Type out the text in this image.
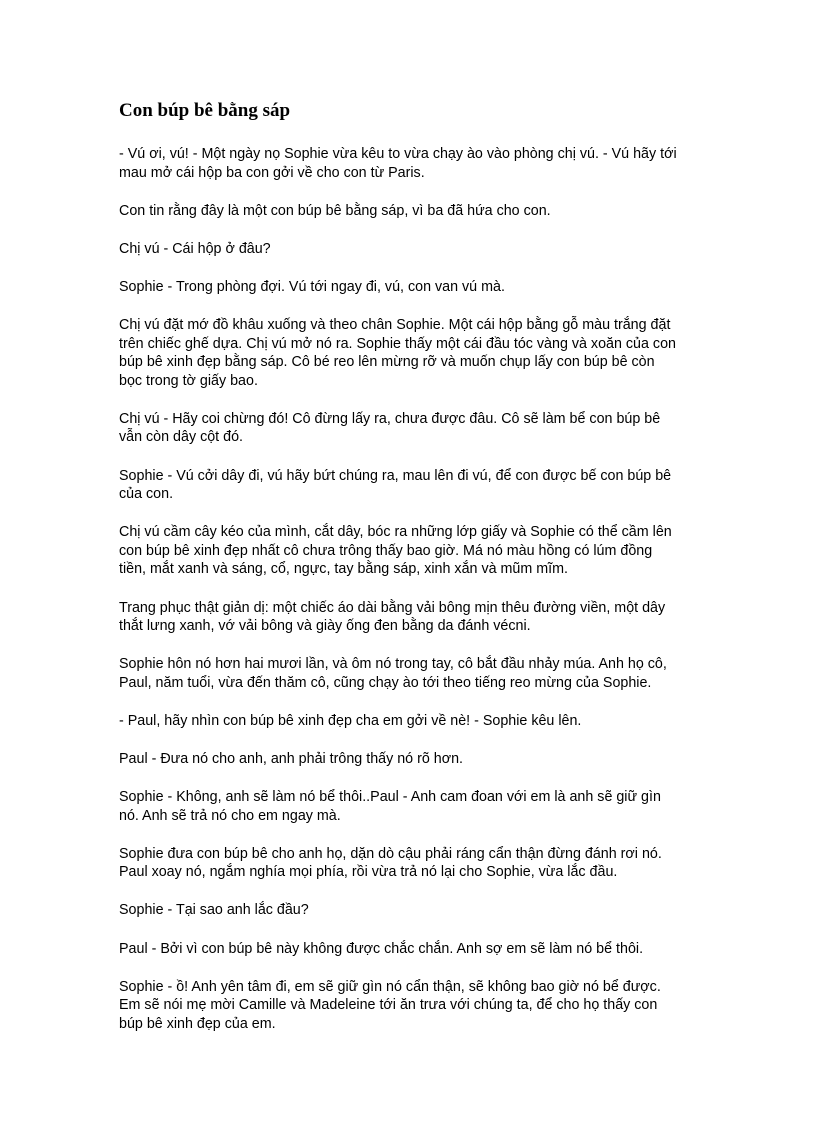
Con búp bê bằng sáp

- Vú ơi, vú! - Một ngày nọ Sophie vừa kêu to vừa chạy ào vào phòng chị vú. - Vú hãy tới
mau mở cái hộp ba con gởi về cho con từ Paris.

Con tin rằng đây là một con búp bê bằng sáp, vì ba đã hứa cho con.

Chị vú - Cái hộp ở đâu?

Sophie - Trong phòng đợi. Vú tới ngay đi, vú, con van vú mà.

Chị vú đặt mớ đồ khâu xuống và theo chân Sophie. Một cái hộp bằng gỗ màu trắng đặt
trên chiếc ghế dựa. Chị vú mở nó ra. Sophie thấy một cái đầu tóc vàng và xoăn của con
búp bê xinh đẹp bằng sáp. Cô bé reo lên mừng rỡ và muốn chụp lấy con búp bê còn
bọc trong tờ giấy bao.

Chị vú - Hãy coi chừng đó! Cô đừng lấy ra, chưa được đâu. Cô sẽ làm bể con búp bê
vẫn còn dây cột đó.

Sophie - Vú cởi dây đi, vú hãy bứt chúng ra, mau lên đi vú, để con được bế con búp bê
của con.

Chị vú cầm cây kéo của mình, cắt dây, bóc ra những lớp giấy và Sophie có thể cầm lên
con búp bê xinh đẹp nhất cô chưa trông thấy bao giờ. Má nó màu hồng có lúm đồng
tiền, mắt xanh và sáng, cổ, ngực, tay bằng sáp, xinh xắn và mũm mĩm.

Trang phục thật giản dị: một chiếc áo dài bằng vải bông mịn thêu đường viền, một dây
thắt lưng xanh, vớ vải bông và giày ống đen bằng da đánh vécni.

Sophie hôn nó hơn hai mươi lần, và ôm nó trong tay, cô bắt đầu nhảy múa. Anh họ cô,
Paul, năm tuổi, vừa đến thăm cô, cũng chạy ào tới theo tiếng reo mừng của Sophie.

- Paul, hãy nhìn con búp bê xinh đẹp cha em gởi về nè! - Sophie kêu lên.

Paul - Đưa nó cho anh, anh phải trông thấy nó rõ hơn.

Sophie - Không, anh sẽ làm nó bể thôi..Paul - Anh cam đoan với em là anh sẽ giữ gìn
nó. Anh sẽ trả nó cho em ngay mà.

Sophie đưa con búp bê cho anh họ, dặn dò cậu phải ráng cẩn thận đừng đánh rơi nó.
Paul xoay nó, ngắm nghía mọi phía, rồi vừa trả nó lại cho Sophie, vừa lắc đầu.

Sophie - Tại sao anh lắc đầu?

Paul - Bởi vì con búp bê này không được chắc chắn. Anh sợ em sẽ làm nó bể thôi.

Sophie - ồ! Anh yên tâm đi, em sẽ giữ gìn nó cẩn thận, sẽ không bao giờ nó bể được.
Em sẽ nói mẹ mời Camille và Madeleine tới ăn trưa với chúng ta, để cho họ thấy con
búp bê xinh đẹp của em.
